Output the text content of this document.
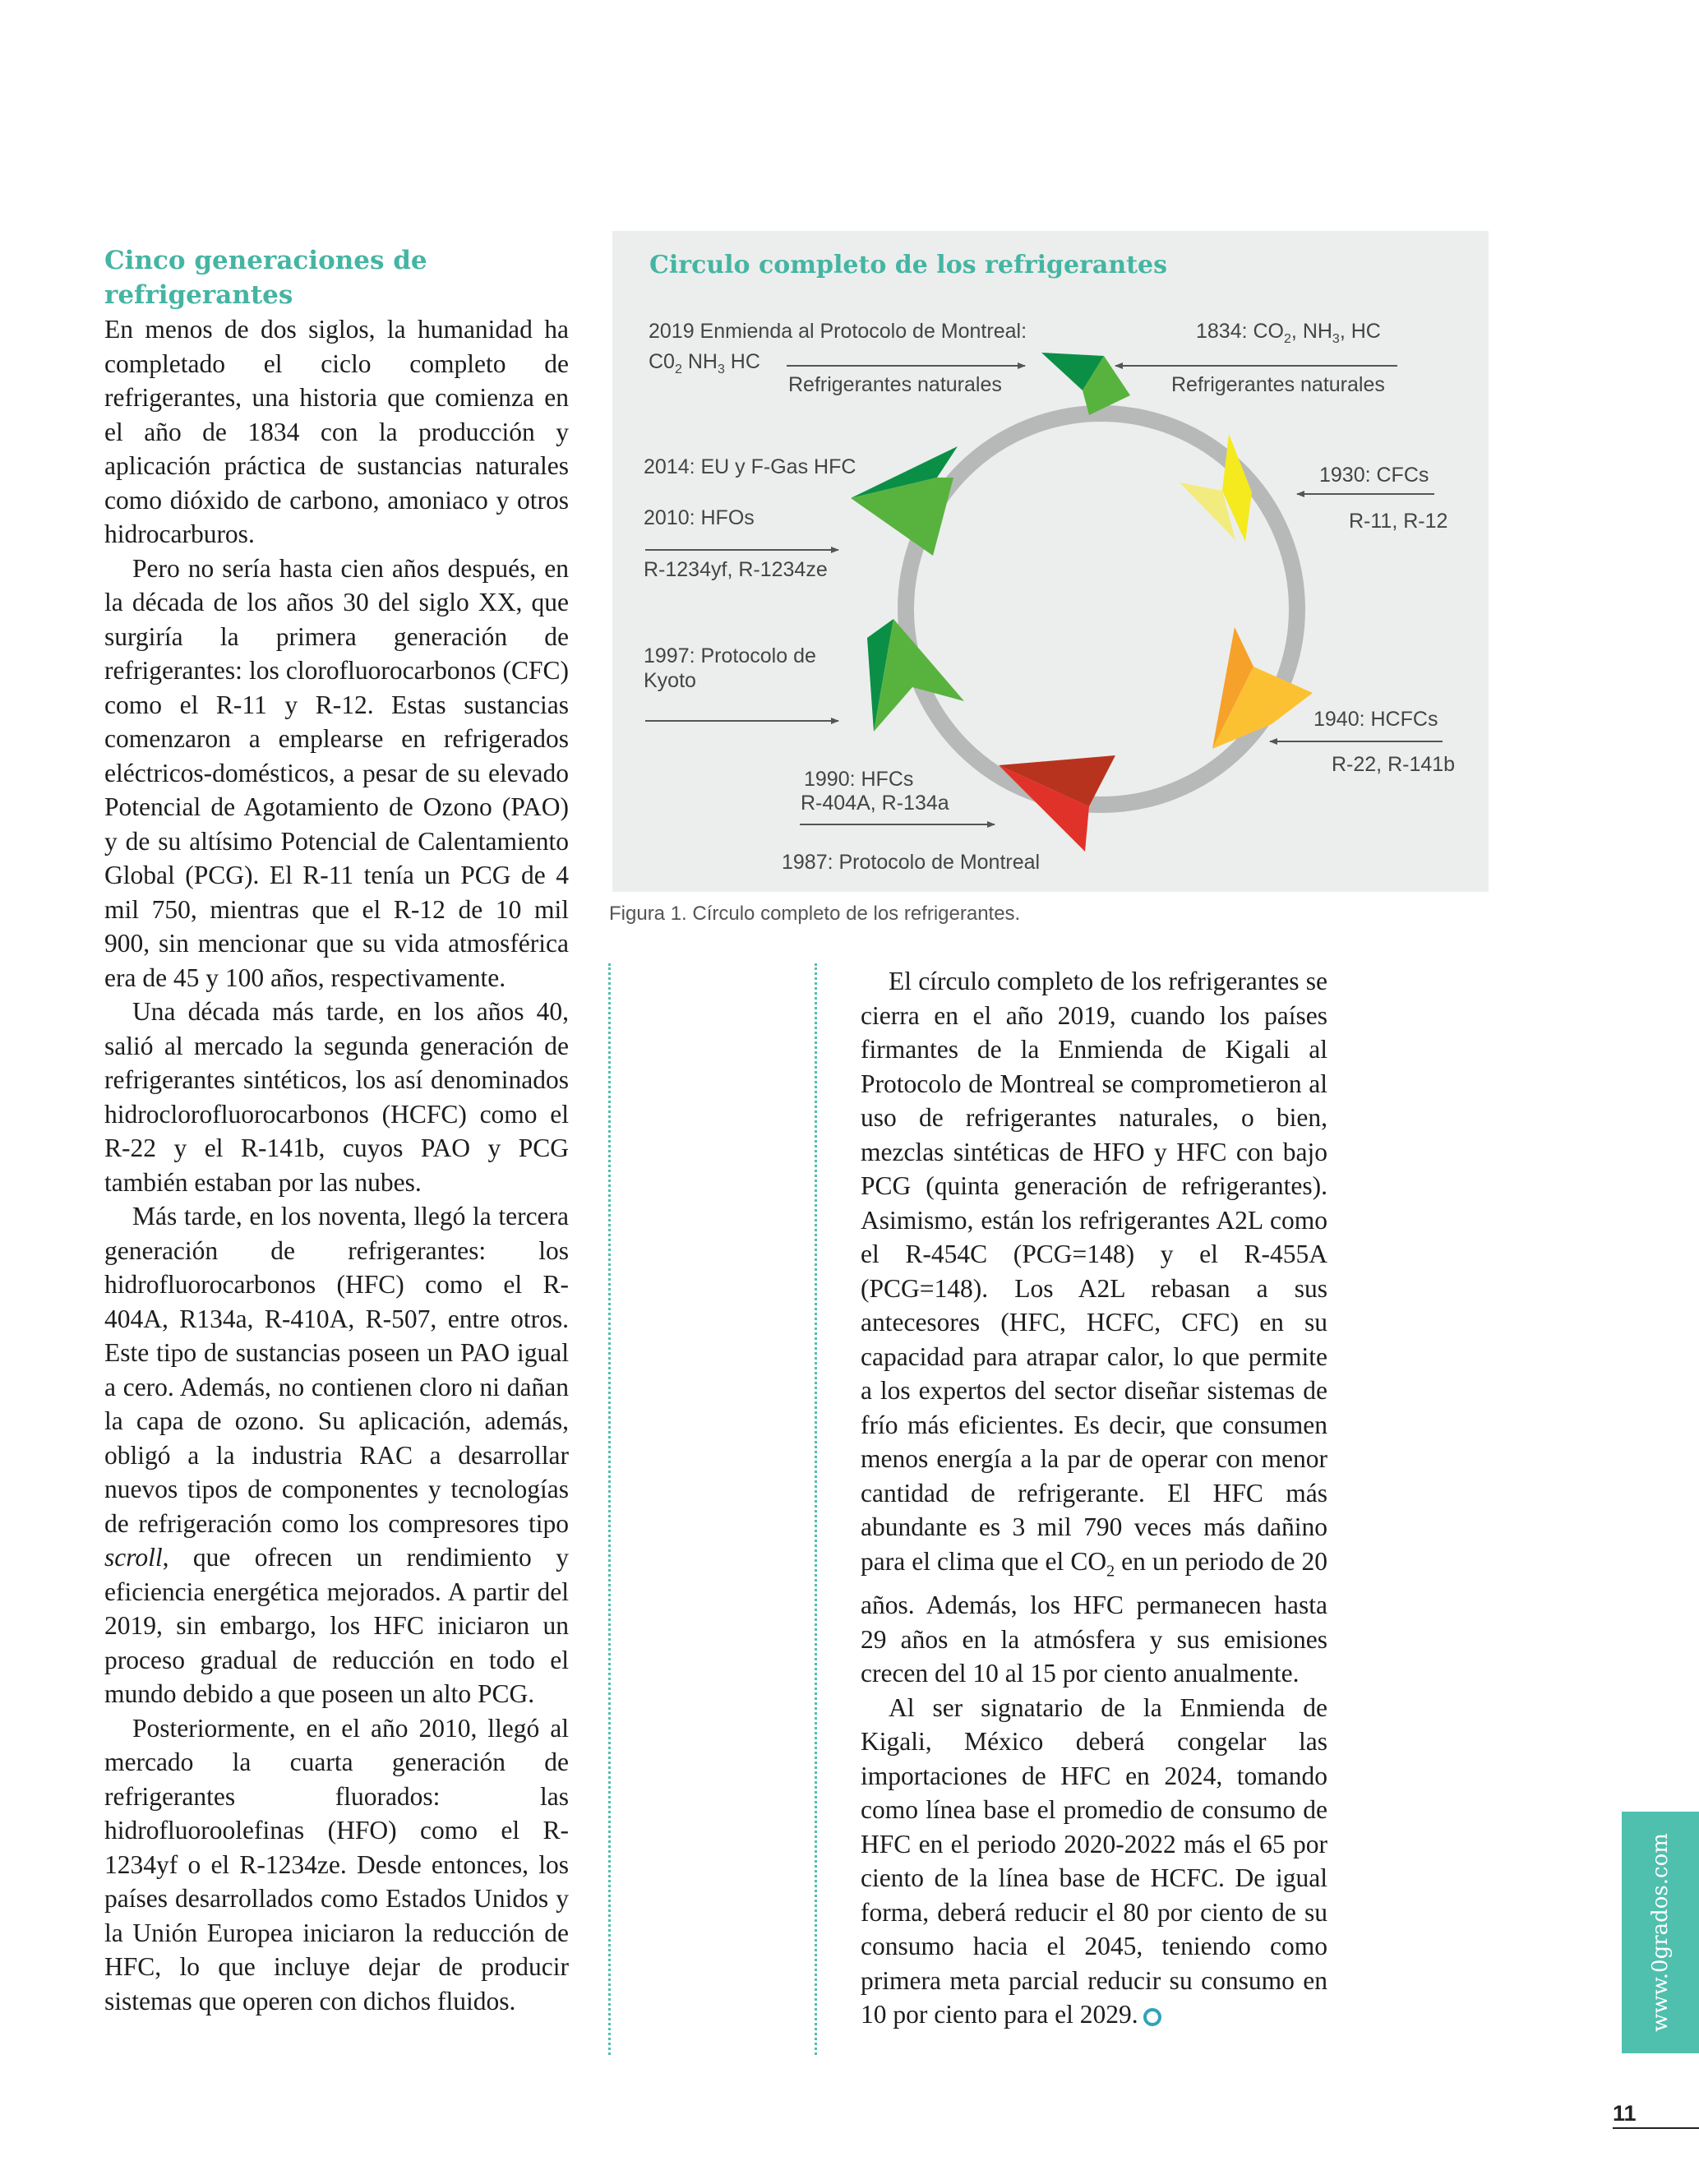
Cinco generaciones de refrigerantes

En menos de dos siglos, la humanidad ha completado el ciclo completo de refrigerantes, una historia que comienza en el año de 1834 con la producción y aplicación práctica de sustancias naturales como dióxido de carbono, amoniaco y otros hidrocarburos.

Pero no sería hasta cien años después, en la década de los años 30 del siglo XX, que surgiría la primera generación de refrigerantes: los clorofluorocarbonos (CFC) como el R-11 y R-12. Estas sustancias comenzaron a emplearse en refrigerados eléctricos-domésticos, a pesar de su elevado Potencial de Agotamiento de Ozono (PAO) y de su altísimo Potencial de Calentamiento Global (PCG). El R-11 tenía un PCG de 4 mil 750, mientras que el R-12 de 10 mil 900, sin mencionar que su vida atmosférica era de 45 y 100 años, respectivamente.

Una década más tarde, en los años 40, salió al mercado la segunda generación de refrigerantes sintéticos, los así denominados hidroclorofluorocarbonos (HCFC) como el R-22 y el R-141b, cuyos PAO y PCG también estaban por las nubes.

Más tarde, en los noventa, llegó la tercera generación de refrigerantes: los hidrofluorocarbonos (HFC) como el R-404A, R134a, R-410A, R-507, entre otros. Este tipo de sustancias poseen un PAO igual a cero. Además, no contienen cloro ni dañan la capa de ozono. Su aplicación, además, obligó a la industria RAC a desarrollar nuevos tipos de componentes y tecnologías de refrigeración como los compresores tipo scroll, que ofrecen un rendimiento y eficiencia energética mejorados. A partir del 2019, sin embargo, los HFC iniciaron un proceso gradual de reducción en todo el mundo debido a que poseen un alto PCG.

Posteriormente, en el año 2010, llegó al mercado la cuarta generación de refrigerantes fluorados: las hidrofluoroolefinas (HFO) como el R-1234yf o el R-1234ze. Desde entonces, los países desarrollados como Estados Unidos y la Unión Europea iniciaron la reducción de HFC, lo que incluye dejar de producir sistemas que operen con dichos fluidos.

El círculo completo de los refrigerantes se cierra en el año 2019, cuando los países firmantes de la Enmienda de Kigali al Protocolo de Montreal se comprometieron al uso de refrigerantes naturales, o bien, mezclas sintéticas de HFO y HFC con bajo PCG (quinta generación de refrigerantes). Asimismo, están los refrigerantes A2L como el R-454C (PCG=148) y el R-455A (PCG=148). Los A2L rebasan a sus antecesores (HFC, HCFC, CFC) en su capacidad para atrapar calor, lo que permite a los expertos del sector diseñar sistemas de frío más eficientes. Es decir, que consumen menos energía a la par de operar con menor cantidad de refrigerante. El HFC más abundante es 3 mil 790 veces más dañino para el clima que el $CO_2$ en un periodo de 20 años. Además, los HFC permanecen hasta 29 años en la atmósfera y sus emisiones crecen del 10 al 15 por ciento anualmente.

Al ser signatario de la Enmienda de Kigali, México deberá congelar las importaciones de HFC en 2024, tomando como línea base el promedio de consumo de HFC en el periodo 2020-2022 más el 65 por ciento de la línea base de HCFC. De igual forma, deberá reducir el 80 por ciento de su consumo hacia el 2045, teniendo como primera meta parcial reducir su consumo en 10 por ciento para el 2029.

Circulo completo de los refrigerantes

2019 Enmienda al Protocolo de Montreal:

$C0_2$ $NH_3$ HC

Refrigerantes naturales

1834: $CO_2$, $NH_3$, HC

Refrigerantes naturales

2014: EU y F-Gas HFC

2010: HFOs

R-1234yf, R-1234ze

1930: CFCs

R-11, R-12

1997: Protocolo de Kyoto

1940: HCFCs

R-22, R-141b

1990: HFCs

R-404A, R-134a

1987: Protocolo de Montreal

Figura 1. Círculo completo de los refrigerantes.

www.0grados.com

11
